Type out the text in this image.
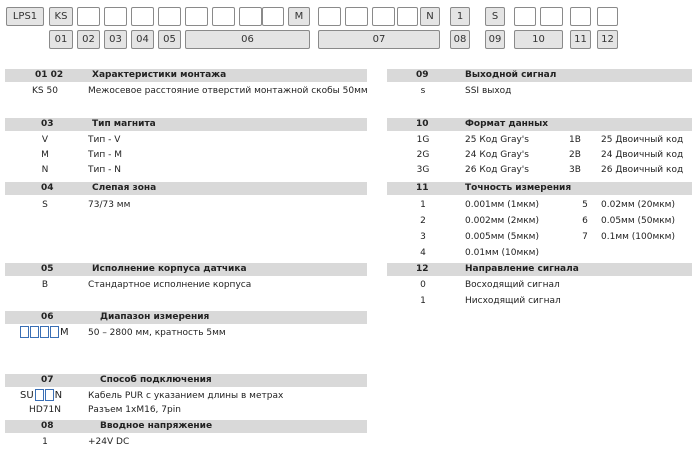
LPS1 KS	M	N 1	S
01 02 03 04 05	06	07	08 09	10	11 12
01 02	Характеристики монтажа
KS 50	Межосевое расстояние отверстий монтажной скобы 50мм
03	Тип магнита
V	Тип - V
M	Тип - M
N	Тип - N
04	Слепая зона
S	73/73 мм
05	Исполнение корпуса датчика
B	Стандартное исполнение корпуса
06	Диапазон измерения
M 50 – 2800 мм, кратность 5мм
07	Способ подключения
SU N	Кабель PUR с указанием длины в метрах
HD71N	Разъем 1хМ16, 7pin
08	Вводное напряжение
1	+24V DC
09	Выходной сигнал
s	SSI выход
10	Формат данных
1G	25 Код Gray's	1B	25 Двоичный код
2G	24 Код Gray's	2B	24 Двоичный код
3G	26 Код Gray's	3B	26 Двоичный код
11	Точность измерения
1	0.001мм (1мкм)	5	0.02мм (20мкм)
2	0.002мм (2мкм)	6	0.05мм (50мкм)
3	0.005мм (5мкм)	7	0.1мм (100мкм)
4	0.01мм (10мкм)
12	Направление сигнала
0	Восходящий сигнал
1	Нисходящий сигнал
